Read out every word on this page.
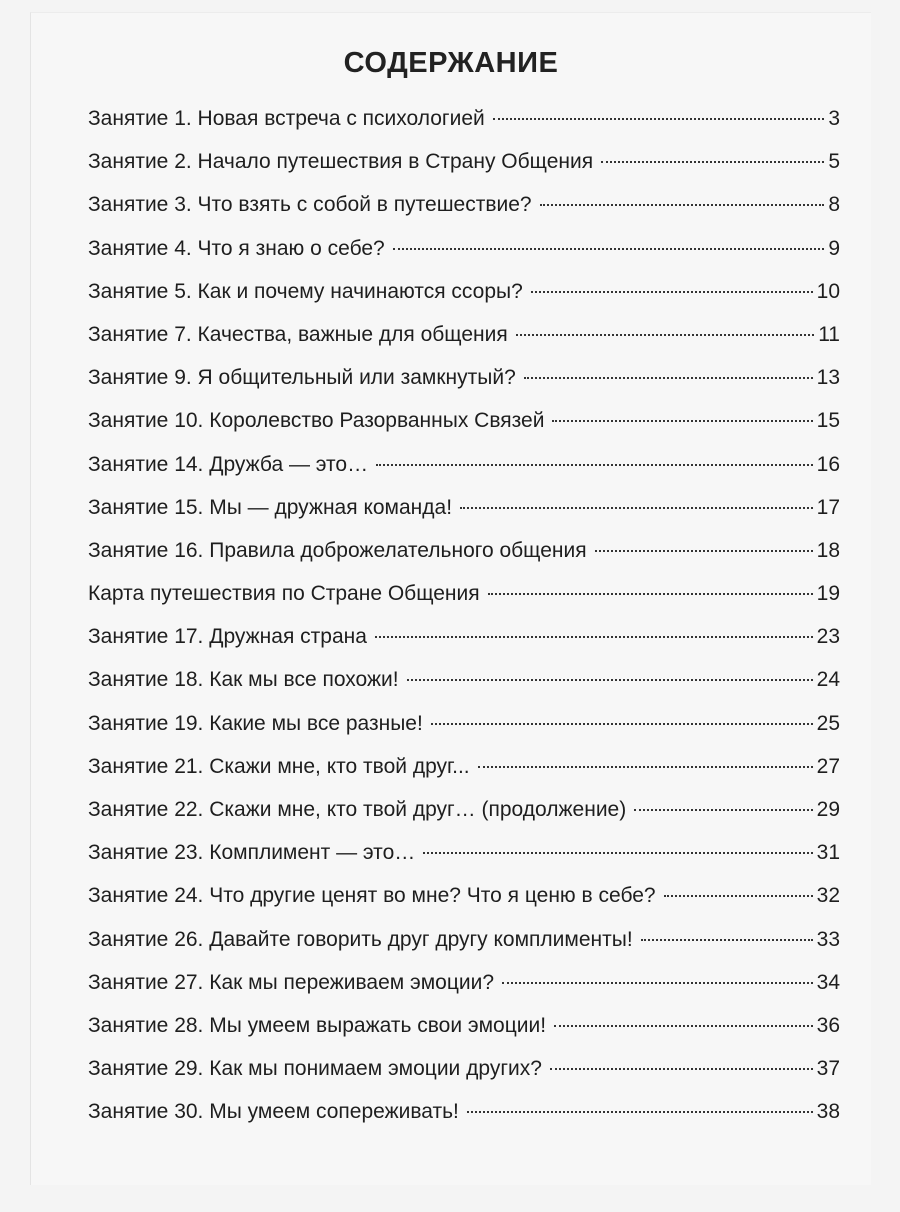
СОДЕРЖАНИЕ
Занятие 1. Новая встреча с психологией	3
Занятие 2. Начало путешествия в Страну Общения	5
Занятие 3. Что взять с собой в путешествие?	8
Занятие 4. Что я знаю о себе?	9
Занятие 5. Как и почему начинаются ссоры?	10
Занятие 7. Качества, важные для общения	11
Занятие 9. Я общительный или замкнутый?	13
Занятие 10. Королевство Разорванных Связей	15
Занятие 14. Дружба — это…	16
Занятие 15. Мы — дружная команда!	17
Занятие 16. Правила доброжелательного общения	18
Карта путешествия по Стране Общения	19
Занятие 17. Дружная страна	23
Занятие 18. Как мы все похожи!	24
Занятие 19. Какие мы все разные!	25
Занятие 21. Скажи мне, кто твой друг...	27
Занятие 22. Скажи мне, кто твой друг… (продолжение)	29
Занятие 23. Комплимент — это…	31
Занятие 24. Что другие ценят во мне? Что я ценю в себе?	32
Занятие 26. Давайте говорить друг другу комплименты!	33
Занятие 27. Как мы переживаем эмоции?	34
Занятие 28. Мы умеем выражать свои эмоции!	36
Занятие 29. Как мы понимаем эмоции других?	37
Занятие 30. Мы умеем сопереживать!	38
